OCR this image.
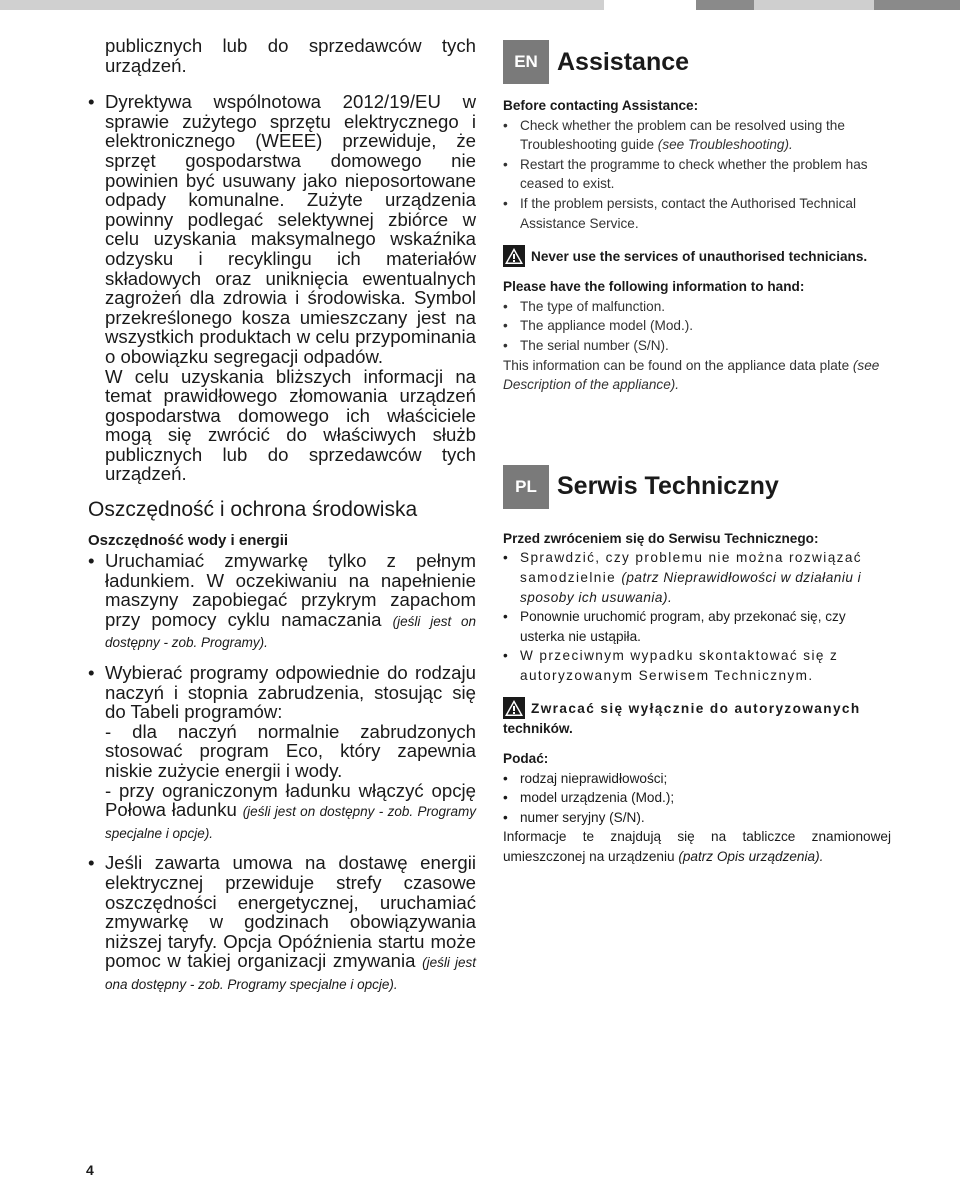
publicznych lub do sprzedawców tych urządzeń.

• Dyrektywa wspólnotowa 2012/19/EU w sprawie zużytego sprzętu elektrycznego i elektronicznego (WEEE) przewiduje, że sprzęt gospodarstwa domowego nie powinien być usuwany jako nieposortowane odpady komunalne. Zużyte urządzenia powinny podlegać selektywnej zbiórce w celu uzyskania maksymalnego wskaźnika odzysku i recyklingu ich materiałów składowych oraz uniknięcia ewentualnych zagrożeń dla zdrowia i środowiska. Symbol przekreślonego kosza umieszczany jest na wszystkich produktach w celu przypominania o obowiązku segregacji odpadów.
W celu uzyskania bliższych informacji na temat prawidłowego złomowania urządzeń gospodarstwa domowego ich właściciele mogą się zwrócić do właściwych służb publicznych lub do sprzedawców tych urządzeń.
Oszczędność i ochrona środowiska
Oszczędność wody i energii
• Uruchamiać zmywarkę tylko z pełnym ładunkiem. W oczekiwaniu na napełnienie maszyny zapobiegać przykrym zapachom przy pomocy cyklu namaczania (jeśli jest on dostępny - zob. Programy).
• Wybierać programy odpowiednie do rodzaju naczyń i stopnia zabrudzenia, stosując się do Tabeli programów:
- dla naczyń normalnie zabrudzonych stosować program Eco, który zapewnia niskie zużycie energii i wody.
- przy ograniczonym ładunku włączyć opcję Połowa ładunku (jeśli jest on dostępny - zob. Programy specjalne i opcje).
• Jeśli zawarta umowa na dostawę energii elektrycznej przewiduje strefy czasowe oszczędności energetycznej, uruchamiać zmywarkę w godzinach obowiązywania niższej taryfy. Opcja Opóźnienia startu może pomoc w takiej organizacji zmywania (jeśli jest ona dostępny - zob. Programy specjalne i opcje).
EN Assistance

Before contacting Assistance:

• Check whether the problem can be resolved using the Troubleshooting guide (see Troubleshooting).
• Restart the programme to check whether the problem has ceased to exist.
• If the problem persists, contact the Authorised Technical Assistance Service.
Never use the services of unauthorised technicians.

Please have the following information to hand:

• The type of malfunction.
• The appliance model (Mod.).
• The serial number (S/N).

This information can be found on the appliance data plate (see Description of the appliance).

PL Serwis Techniczny

Przed zwróceniem się do Serwisu Technicznego:

• Sprawdzić, czy problemu nie można rozwiązać samodzielnie (patrz Nieprawidłowości w działaniu i sposoby ich usuwania).
• Ponownie uruchomić program, aby przekonać się, czy usterka nie ustąpiła.
• W przeciwnym wypadku skontaktować się z autoryzowanym Serwisem Technicznym.
Zwracać się wyłącznie do autoryzowanych
techników.

Podać:

• rodzaj nieprawidłowości;
• model urządzenia (Mod.);
• numer seryjny (S/N).

Informacje te znajdują się na tabliczce znamionowej umieszczonej na urządzeniu (patrz Opis urządzenia).

4
